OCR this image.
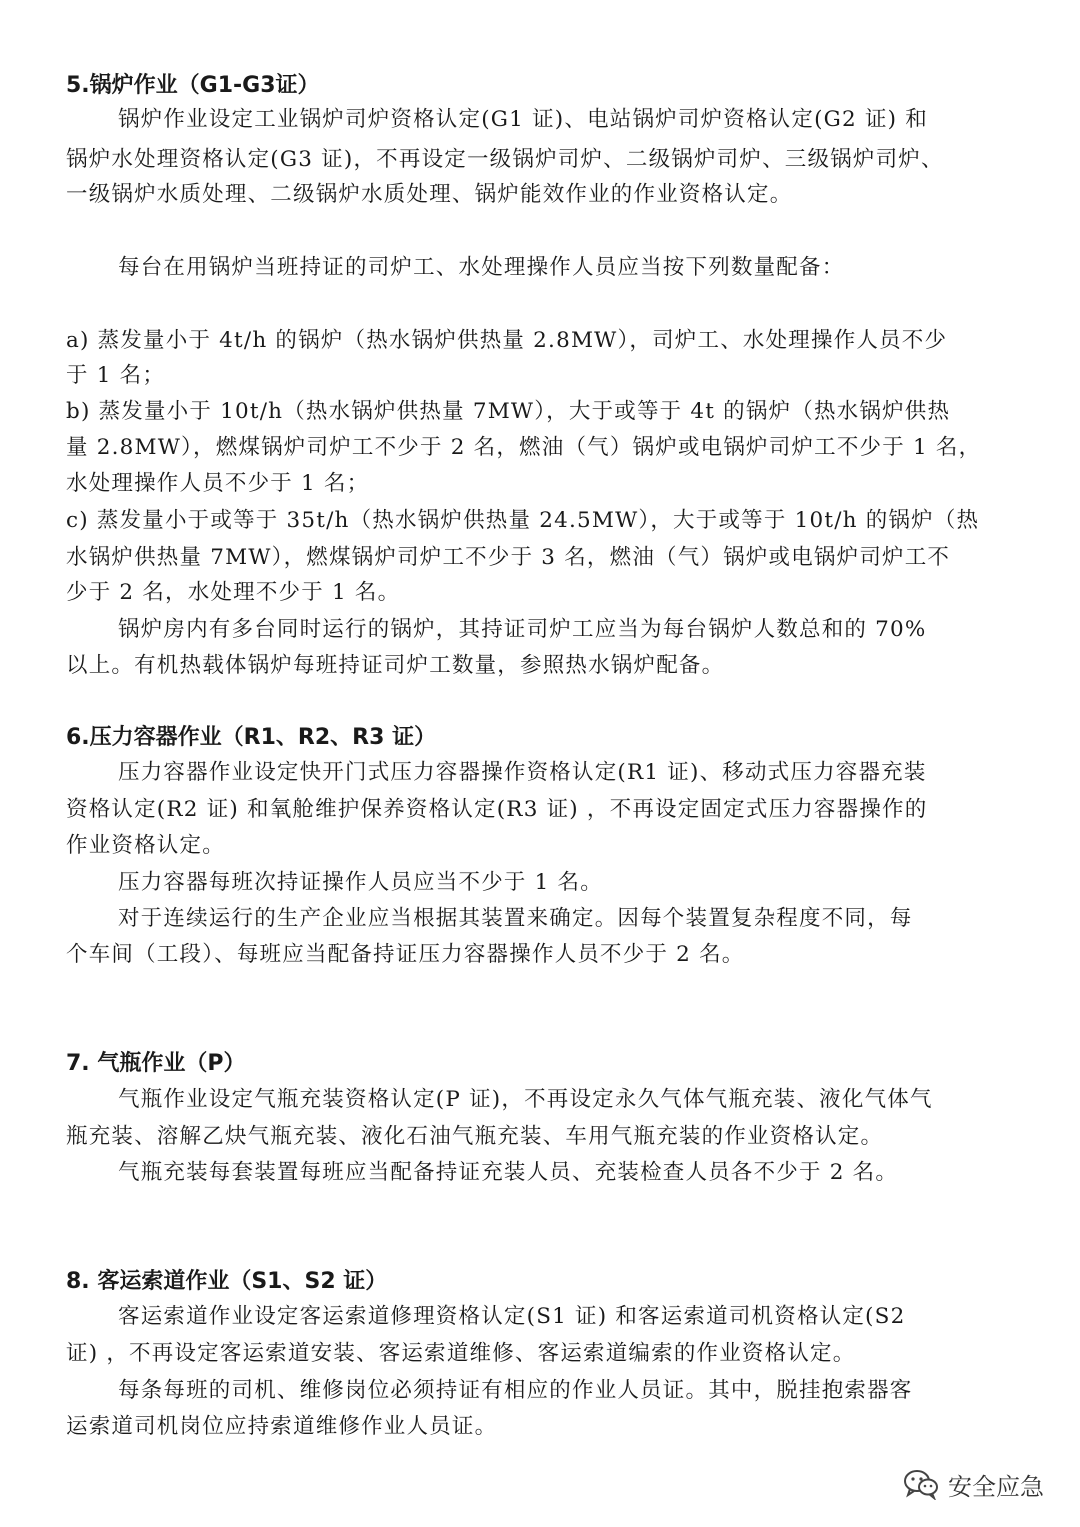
5.锅炉作业（G1-G3证）
锅炉作业设定工业锅炉司炉资格认定(G1 证)、电站锅炉司炉资格认定(G2 证) 和
锅炉水处理资格认定(G3 证)，不再设定一级锅炉司炉、二级锅炉司炉、三级锅炉司炉、
一级锅炉水质处理、二级锅炉水质处理、锅炉能效作业的作业资格认定。
每台在用锅炉当班持证的司炉工、水处理操作人员应当按下列数量配备：
a) 蒸发量小于 4t/h 的锅炉（热水锅炉供热量 2.8MW），司炉工、水处理操作人员不少
于 1 名；
b) 蒸发量小于 10t/h（热水锅炉供热量 7MW），大于或等于 4t 的锅炉（热水锅炉供热
量 2.8MW），燃煤锅炉司炉工不少于 2 名，燃油（气）锅炉或电锅炉司炉工不少于 1 名，
水处理操作人员不少于 1 名；
c) 蒸发量小于或等于 35t/h（热水锅炉供热量 24.5MW），大于或等于 10t/h 的锅炉（热
水锅炉供热量 7MW），燃煤锅炉司炉工不少于 3 名，燃油（气）锅炉或电锅炉司炉工不
少于 2 名，水处理不少于 1 名。
锅炉房内有多台同时运行的锅炉，其持证司炉工应当为每台锅炉人数总和的 70%
以上。有机热载体锅炉每班持证司炉工数量，参照热水锅炉配备。
6.压力容器作业（R1、R2、R3 证）
压力容器作业设定快开门式压力容器操作资格认定(R1 证)、移动式压力容器充装
资格认定(R2 证) 和氧舱维护保养资格认定(R3 证) ，不再设定固定式压力容器操作的
作业资格认定。
压力容器每班次持证操作人员应当不少于 1 名。
对于连续运行的生产企业应当根据其装置来确定。因每个装置复杂程度不同，每
个车间（工段）、每班应当配备持证压力容器操作人员不少于 2 名。
7. 气瓶作业（P）
气瓶作业设定气瓶充装资格认定(P 证)，不再设定永久气体气瓶充装、液化气体气
瓶充装、溶解乙炔气瓶充装、液化石油气瓶充装、车用气瓶充装的作业资格认定。
气瓶充装每套装置每班应当配备持证充装人员、充装检查人员各不少于 2 名。
8. 客运索道作业（S1、S2 证）
客运索道作业设定客运索道修理资格认定(S1 证) 和客运索道司机资格认定(S2
证) ，不再设定客运索道安装、客运索道维修、客运索道编索的作业资格认定。
每条每班的司机、维修岗位必须持证有相应的作业人员证。其中，脱挂抱索器客
运索道司机岗位应持索道维修作业人员证。
安全应急
